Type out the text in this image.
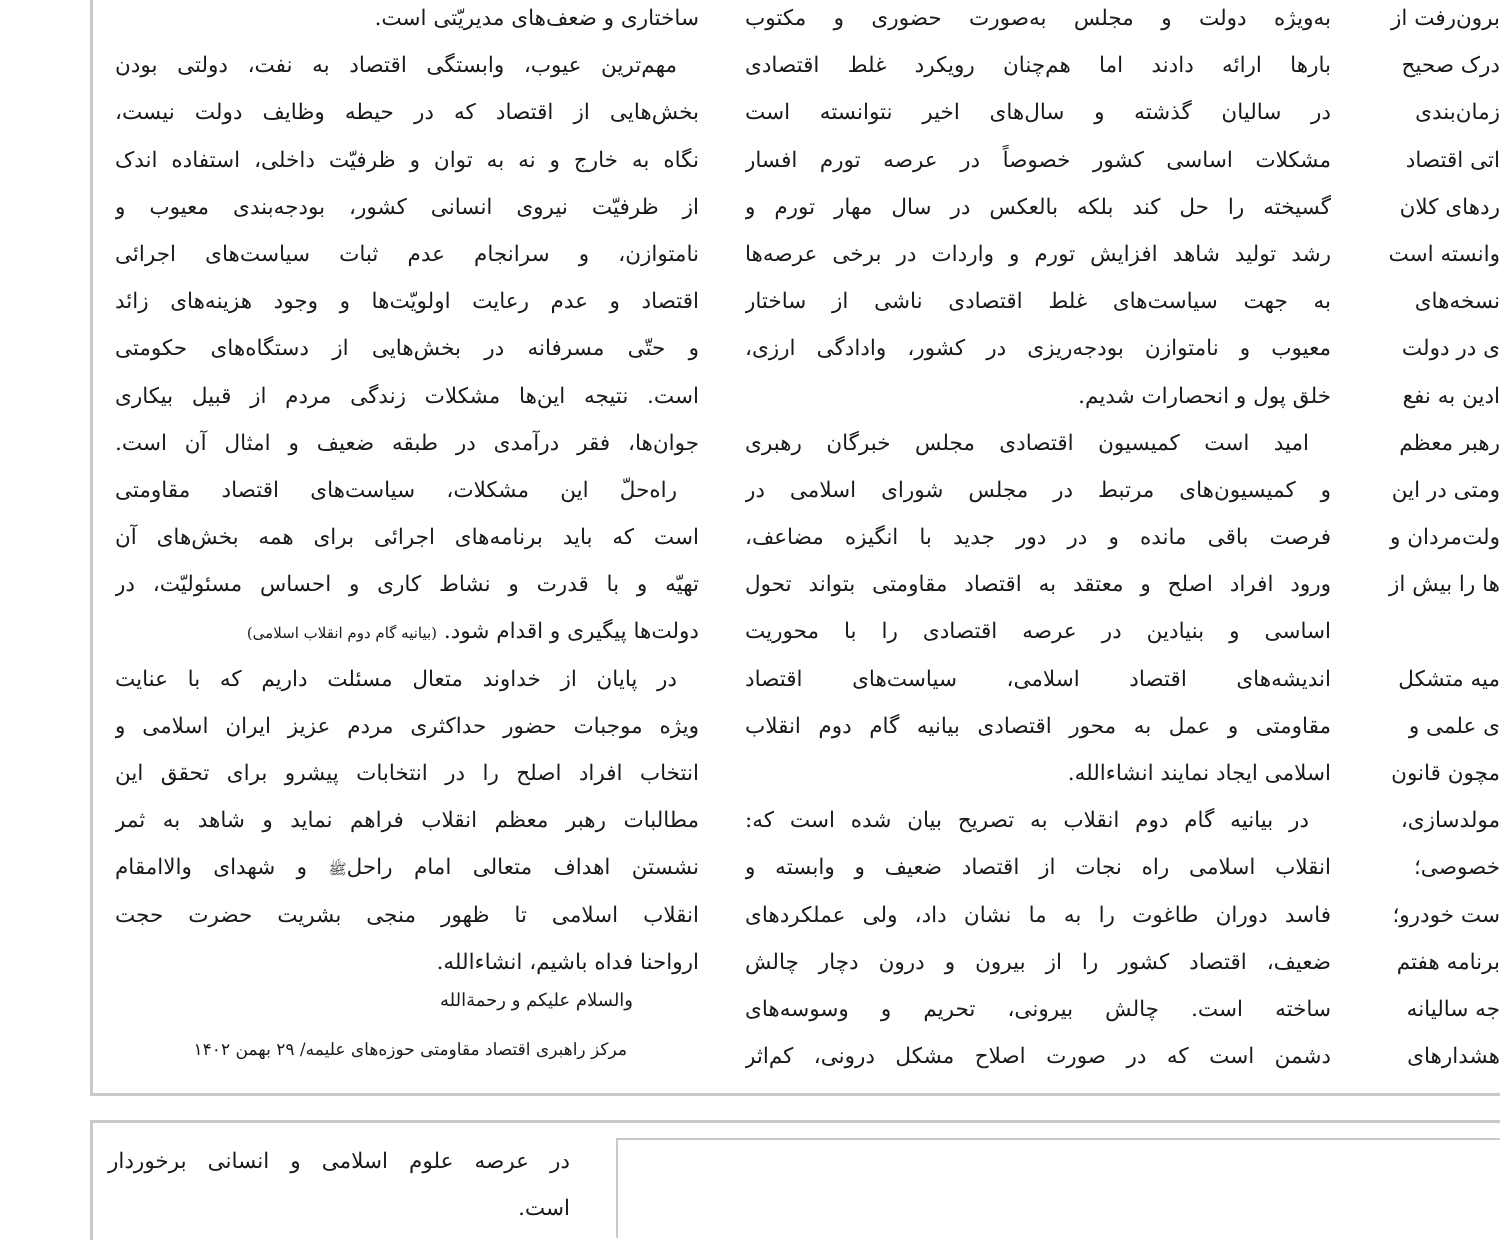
ساختاری و ضعف‌های مدیریّتی است.
مهم‌ترین عیوب، وابستگی اقتصاد به نفت، دولتی بودن
بخش‌هایی از اقتصاد که در حیطه وظایف دولت نیست،
نگاه به خارج و نه به توان و ظرفیّت داخلی، استفاده اندک
از ظرفیّت نیروی انسانی کشور، بودجه‌بندی معیوب و
نامتوازن، و سرانجام عدم ثبات سیاست‌های اجرائی
اقتصاد و عدم رعایت اولویّت‌ها و وجود هزینه‌های زائد
و حتّی مسرفانه در بخش‌هایی از دستگاه‌های حکومتی
است. نتیجه این‌ها مشکلات زندگی مردم از قبیل بیکاری
جوان‌ها، فقر درآمدی در طبقه ضعیف و امثال آن است.
راه‌حلّ این مشکلات، سیاست‌های اقتصاد مقاومتی
است که باید برنامه‌های اجرائی برای همه بخش‌های آن
تهیّه و با قدرت و نشاط کاری و احساس مسئولیّت، در
دولت‌ها پیگیری و اقدام شود. (بیانیه گام دوم انقلاب اسلامی)
در پایان از خداوند متعال مسئلت داریم که با عنایت
ویژه موجبات حضور حداکثری مردم عزیز ایران اسلامی و
انتخاب افراد اصلح را در انتخابات پیشرو برای تحقق این
مطالبات رهبر معظم انقلاب فراهم نماید و شاهد به ثمر
نشستن اهداف متعالی امام راحلﷺ و شهدای والاامقام
انقلاب اسلامی تا ظهور منجی بشریت حضرت حجت
ارواحنا فداه باشیم، انشاءالله.
والسلام علیکم و رحمة‌الله
مرکز راهبری اقتصاد مقاومتی حوزه‌های علیمه/ ۲۹ بهمن ۱۴۰۲
به‌ویژه دولت و مجلس به‌صورت حضوری و مکتوب
بارها ارائه دادند اما هم‌چنان رویکرد غلط اقتصادی
در سالیان گذشته و سال‌های اخیر نتوانسته است
مشکلات اساسی کشور خصوصاً در عرصه تورم افسار
گسیخته را حل کند بلکه بالعکس در سال مهار تورم و
رشد تولید شاهد افزایش تورم و واردات در برخی عرصه‌ها
به جهت سیاست‌های غلط اقتصادی ناشی از ساختار
معیوب و نامتوازن بودجه‌ریزی در کشور، وادادگی ارزی،
خلق پول و انحصارات شدیم.
امید است کمیسیون اقتصادی مجلس خبرگان رهبری
و کمیسیون‌های مرتبط در مجلس شورای اسلامی در
فرصت باقی مانده و در دور جدید با انگیزه مضاعف،
ورود افراد اصلح و معتقد به اقتصاد مقاومتی بتواند تحول
اساسی و بنیادین در عرصه اقتصادی را با محوریت
اندیشه‌های اقتصاد اسلامی، سیاست‌های اقتصاد
مقاومتی و عمل به محور اقتصادی بیانیه گام دوم انقلاب
اسلامی ایجاد نمایند انشاءالله.
در بیانیه گام دوم انقلاب به تصریح بیان شده است که:
انقلاب اسلامی راه نجات از اقتصاد ضعیف و وابسته و
فاسد دوران طاغوت را به ما نشان داد، ولی عملکردهای
ضعیف، اقتصاد کشور را از بیرون و درون دچار چالش
ساخته است. چالش بیرونی، تحریم و وسوسه‌های
دشمن است که در صورت اصلاح مشکل درونی، کم‌اثر
برون‌رفت از
درک صحیح
زمان‌بندی
اتی اقتصاد
ردهای کلان
وانسته است
نسخه‌های
ی در دولت
ادین به نفع
رهبر معظم
ومتی در این
ولت‌مردان و
ها را بیش از
میه متشکل
ی علمی و
مچون قانون
مولدسازی،
خصوصی؛
ست خودرو؛
برنامه هفتم
جه سالیانه
هشدارهای
در عرصه علوم اسلامی و انسانی برخوردار
است.
